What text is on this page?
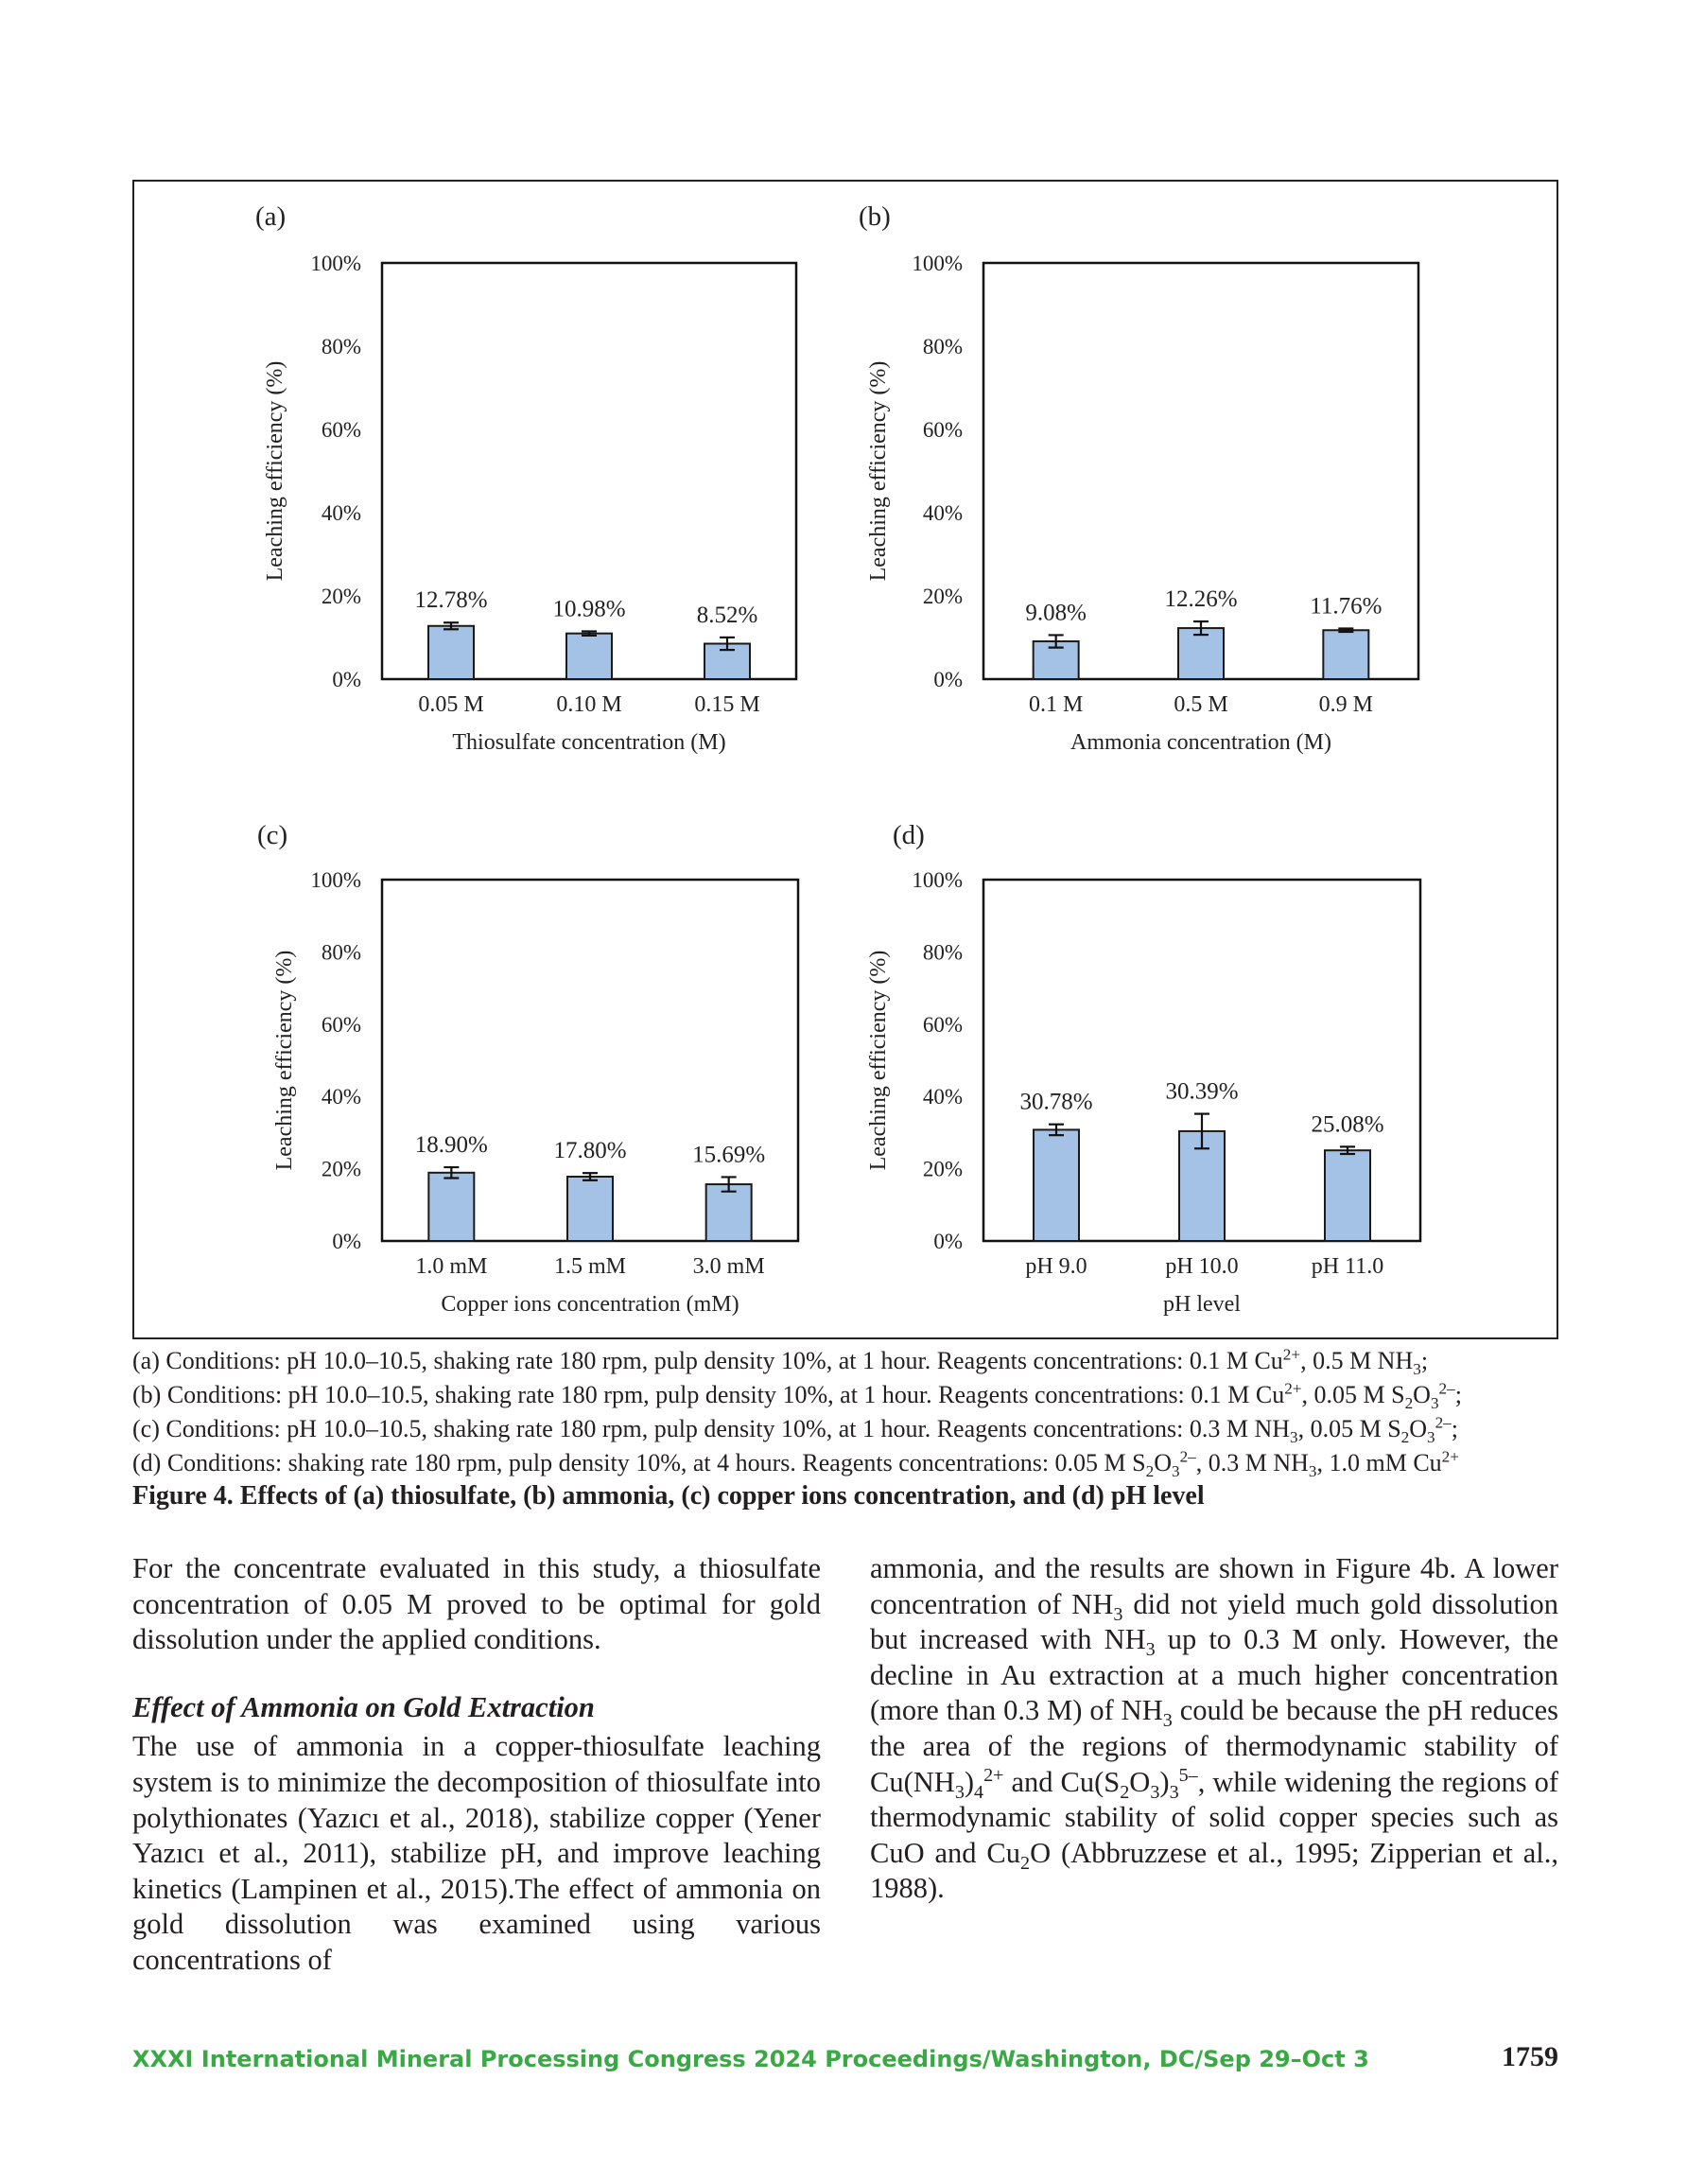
(a)
0%
20%
40%
60%
80%
100%
Leaching efficiency (%)
12.78%
0.05 M
10.98%
0.10 M
8.52%
0.15 M
Thiosulfate concentration (M)
(b)
0%
20%
40%
60%
80%
100%
Leaching efficiency (%)
9.08%
0.1 M
12.26%
0.5 M
11.76%
0.9 M
Ammonia concentration (M)
(c)
0%
20%
40%
60%
80%
100%
Leaching efficiency (%)	18.90%
1.0 mM
17.80%
1.5 mM
15.69%
3.0 mM
Copper ions concentration (mM)
(d)
0%
20%
40%
60%
80%
100%
Leaching efficiency (%)	30.78%
pH 9.0
30.39%
pH 10.0
25.08%
pH 11.0
pH level
(a) Conditions: pH 10.0–10.5, shaking rate 180 rpm, pulp density 10%, at 1 hour. Reagents concentrations: 0.1 M $Cu^{2+}$, 0.5 M $NH_3$;
(b) Conditions: pH 10.0–10.5, shaking rate 180 rpm, pulp density 10%, at 1 hour. Reagents concentrations: 0.1 M $Cu^{2+}$, 0.05 M $S_2O_3^{2-}$;
(c) Conditions: pH 10.0–10.5, shaking rate 180 rpm, pulp density 10%, at 1 hour. Reagents concentrations: 0.3 M $NH_3$, 0.05 M $S_2O_3^{2-}$;
(d) Conditions: shaking rate 180 rpm, pulp density 10%, at 4 hours. Reagents concentrations: 0.05 M $S_2O_3^{2-}$, 0.3 M $NH_3$, 1.0 mM $Cu^{2+}$
Figure 4. Effects of (a) thiosulfate, (b) ammonia, (c) copper ions concentration, and (d) pH level

For the concentrate evaluated in this study, a thiosulfate concentration of 0.05 M proved to be optimal for gold dissolution under the applied conditions.

Effect of Ammonia on Gold Extraction

The use of ammonia in a copper-thiosulfate leaching system is to minimize the decomposition of thiosulfate into polythionates (Yazıcı et al., 2018), stabilize copper (Yener Yazıcı et al., 2011), stabilize pH, and improve leaching kinetics (Lampinen et al., 2015).The effect of ammonia on gold dissolution was examined using various concentrations of

ammonia, and the results are shown in Figure 4b. A lower concentration of $NH_3$ did not yield much gold dissolution but increased with $NH_3$ up to 0.3 M only. However, the decline in Au extraction at a much higher concentration (more than 0.3 M) of $NH_3$ could be because the pH reduces the area of the regions of thermodynamic stability of $Cu(NH_3)_4^{2+}$ and $Cu(S_2O_3)_3^{5-}$, while widening the regions of thermodynamic stability of solid copper species such as CuO and $Cu_2O$ (Abbruzzese et al., 1995; Zipperian et al., 1988).

XXXI International Mineral Processing Congress 2024 Proceedings/Washington, DC/Sep 29–Oct 3	1759
